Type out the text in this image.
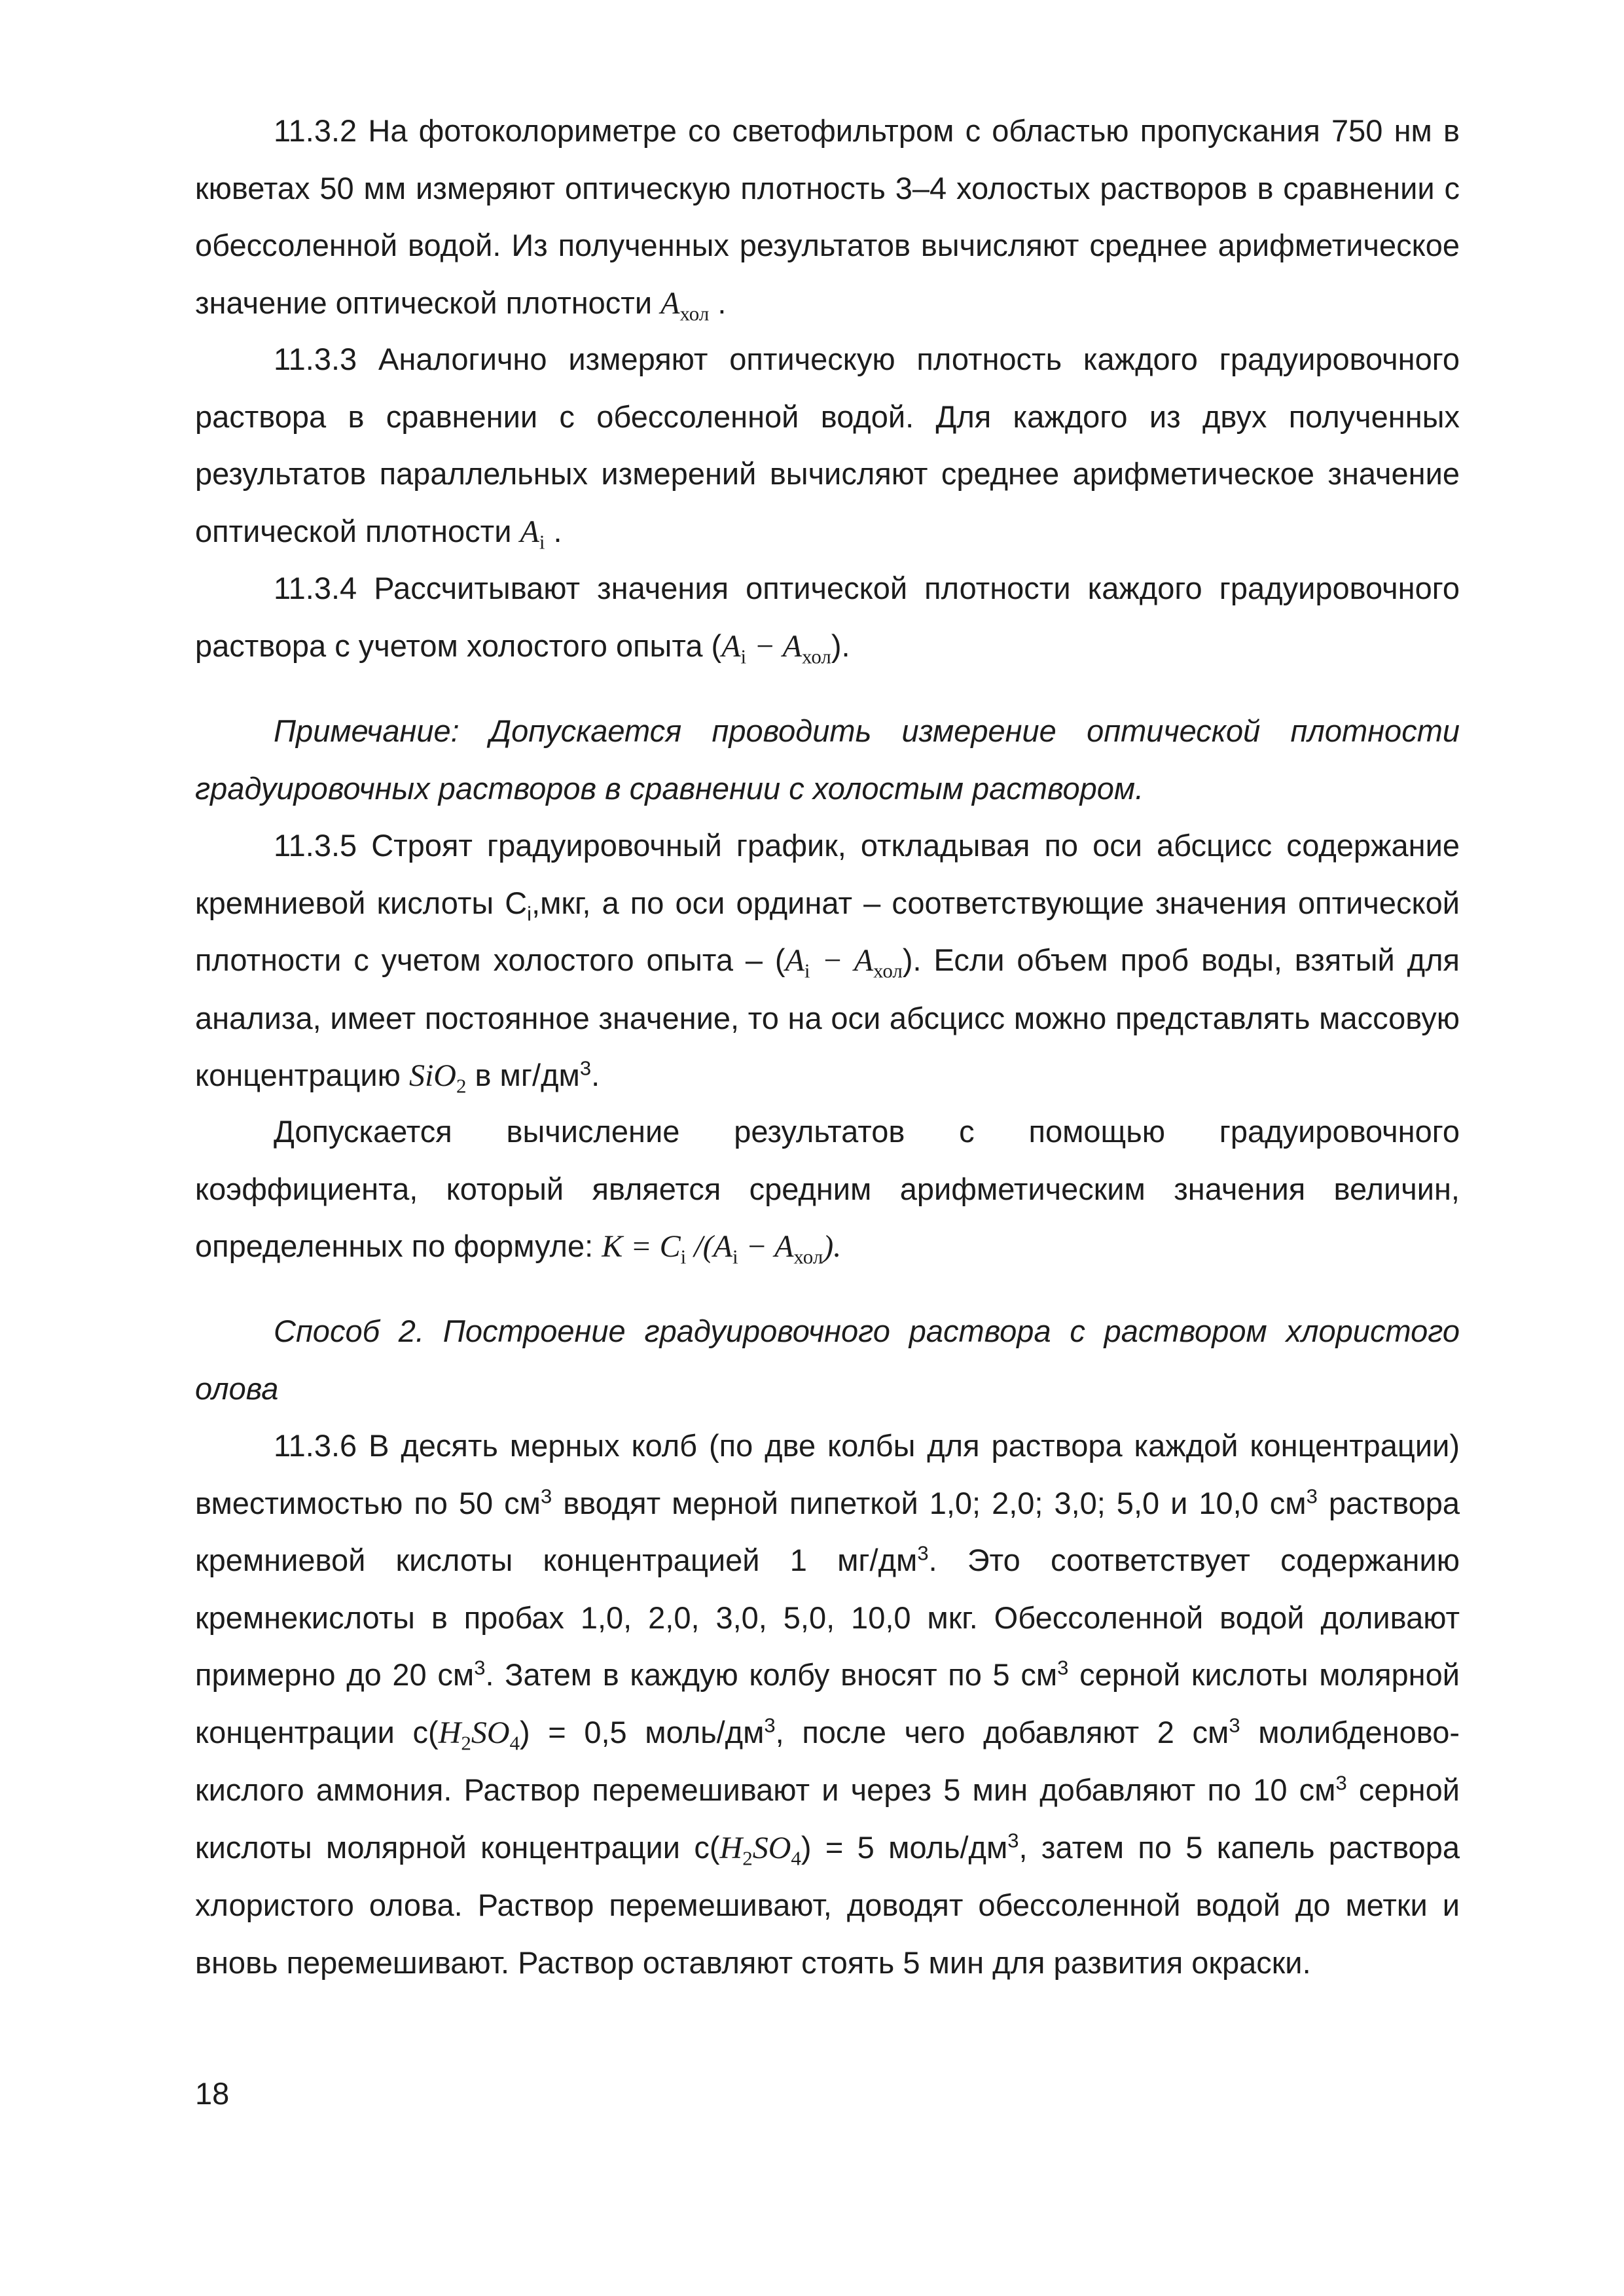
11.3.2 На фотоколориметре со светофильтром с областью пропускания 750 нм в кюветах 50 мм измеряют оптическую плотность 3–4 холостых растворов в сравнении с обессоленной водой. Из полученных результатов вычисляют среднее арифметическое значение оптической плотности $A_{хол}$ .

11.3.3 Аналогично измеряют оптическую плотность каждого градуировочного раствора в сравнении с обессоленной водой. Для каждого из двух полученных результатов параллельных измерений вычисляют среднее арифметическое значение оптической плотности $A_i$ .

11.3.4 Рассчитывают значения оптической плотности каждого градуировочного раствора с учетом холостого опыта $(A_i - A_{хол})$.

Примечание: Допускается проводить измерение оптической плотности градуировочных растворов в сравнении с холостым раствором.

11.3.5 Строят градуировочный график, откладывая по оси абсцисс содержание кремниевой кислоты $C_i,мкг$, а по оси ординат – соответствующие значения оптической плотности с учетом холостого опыта – $(A_i - A_{хол})$. Если объем проб воды, взятый для анализа, имеет постоянное значение, то на оси абсцисс можно представлять массовую концентрацию SiO$_2$ в $мг/дм^3$.

Допускается вычисление результатов с помощью градуировочного коэффициента, который является средним арифметическим значения величин, определенных по формуле: $K = C_i$ $/(A_i - A_{хол})$.

Способ 2. Построение градуировочного раствора с раствором хлористого олова

11.3.6 В десять мерных колб (по две колбы для раствора каждой концентрации) вместимостью по 50 $см^3$ вводят мерной пипеткой 1,0; 2,0; 3,0; 5,0 и 10,0 $см^3$ раствора кремниевой кислоты концентрацией 1 $мг/дм^3$. Это соответствует содержанию кремнекислоты в пробах 1,0, 2,0, 3,0, 5,0, 10,0 мкг. Обессоленной водой доливают примерно до 20 $см^3$. Затем в каждую колбу вносят по 5 $см^3$ серной кислоты молярной концентрации $c(H_2SO_4) = 0,5$ моль/$дм^3$, после чего добавляют 2 $см^3$ молибденово-кислого аммония. Раствор перемешивают и через 5 мин добавляют по 10 $см^3$ серной кислоты молярной концентрации $c(H_2SO_4) = 5$ моль/$дм^3$, затем по 5 капель раствора хлористого олова. Раствор перемешивают, доводят обессоленной водой до метки и вновь перемешивают. Раствор оставляют стоять 5 мин для развития окраски.

18
